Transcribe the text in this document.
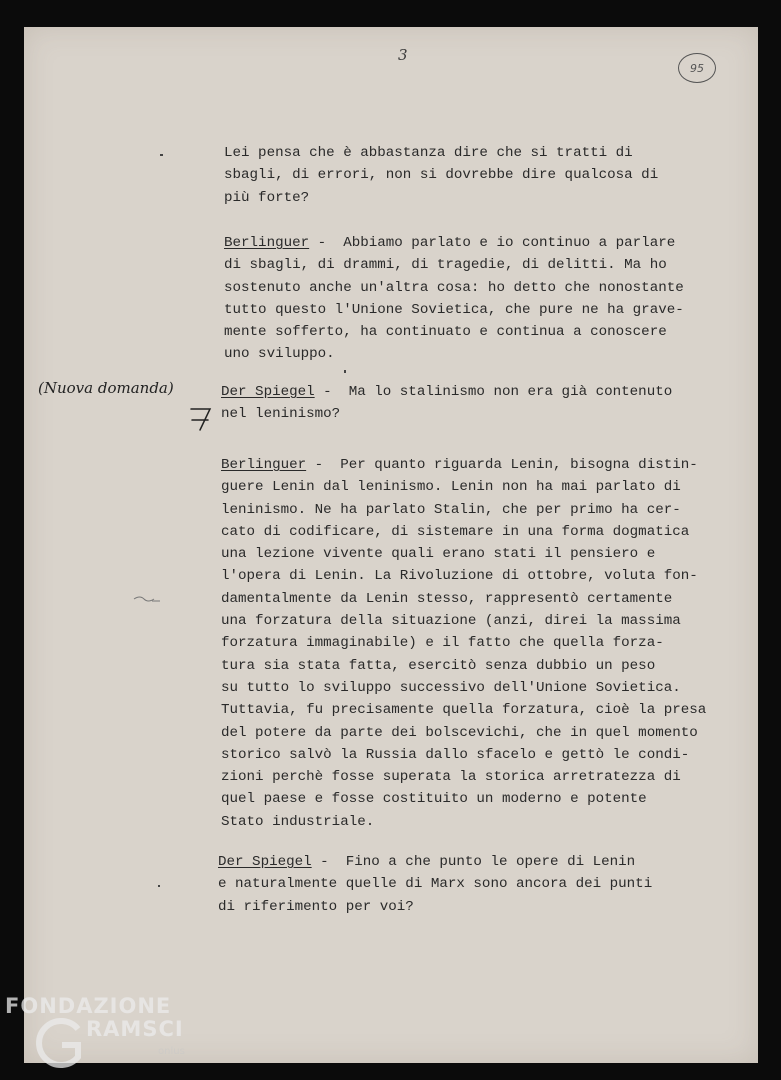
3
95
(Nuova domanda)
Lei pensa che è abbastanza dire che si tratti di
sbagli, di errori, non si dovrebbe dire qualcosa di
più forte?
Berlinguer -  Abbiamo parlato e io continuo a parlare
di sbagli, di drammi, di tragedie, di delitti. Ma ho
sostenuto anche un'altra cosa: ho detto che nonostante
tutto questo l'Unione Sovietica, che pure ne ha grave-
mente sofferto, ha continuato e continua a conoscere
uno sviluppo.
Der Spiegel -  Ma lo stalinismo non era già contenuto
nel leninismo?
Berlinguer -  Per quanto riguarda Lenin, bisogna distin-
guere Lenin dal leninismo. Lenin non ha mai parlato di
leninismo. Ne ha parlato Stalin, che per primo ha cer-
cato di codificare, di sistemare in una forma dogmatica
una lezione vivente quali erano stati il pensiero e
l'opera di Lenin. La Rivoluzione di ottobre, voluta fon-
damentalmente da Lenin stesso, rappresentò certamente
una forzatura della situazione (anzi, direi la massima
forzatura immaginabile) e il fatto che quella forza-
tura sia stata fatta, esercitò senza dubbio un peso
su tutto lo sviluppo successivo dell'Unione Sovietica.
Tuttavia, fu precisamente quella forzatura, cioè la presa
del potere da parte dei bolscevichi, che in quel momento
storico salvò la Russia dallo sfacelo e gettò le condi-
zioni perchè fosse superata la storica arretratezza di
quel paese e fosse costituito un moderno e potente
Stato industriale.
Der Spiegel -  Fino a che punto le opere di Lenin
e naturalmente quelle di Marx sono ancora dei punti
di riferimento per voi?
FONDAZIONE
RAMSCI
onlus
